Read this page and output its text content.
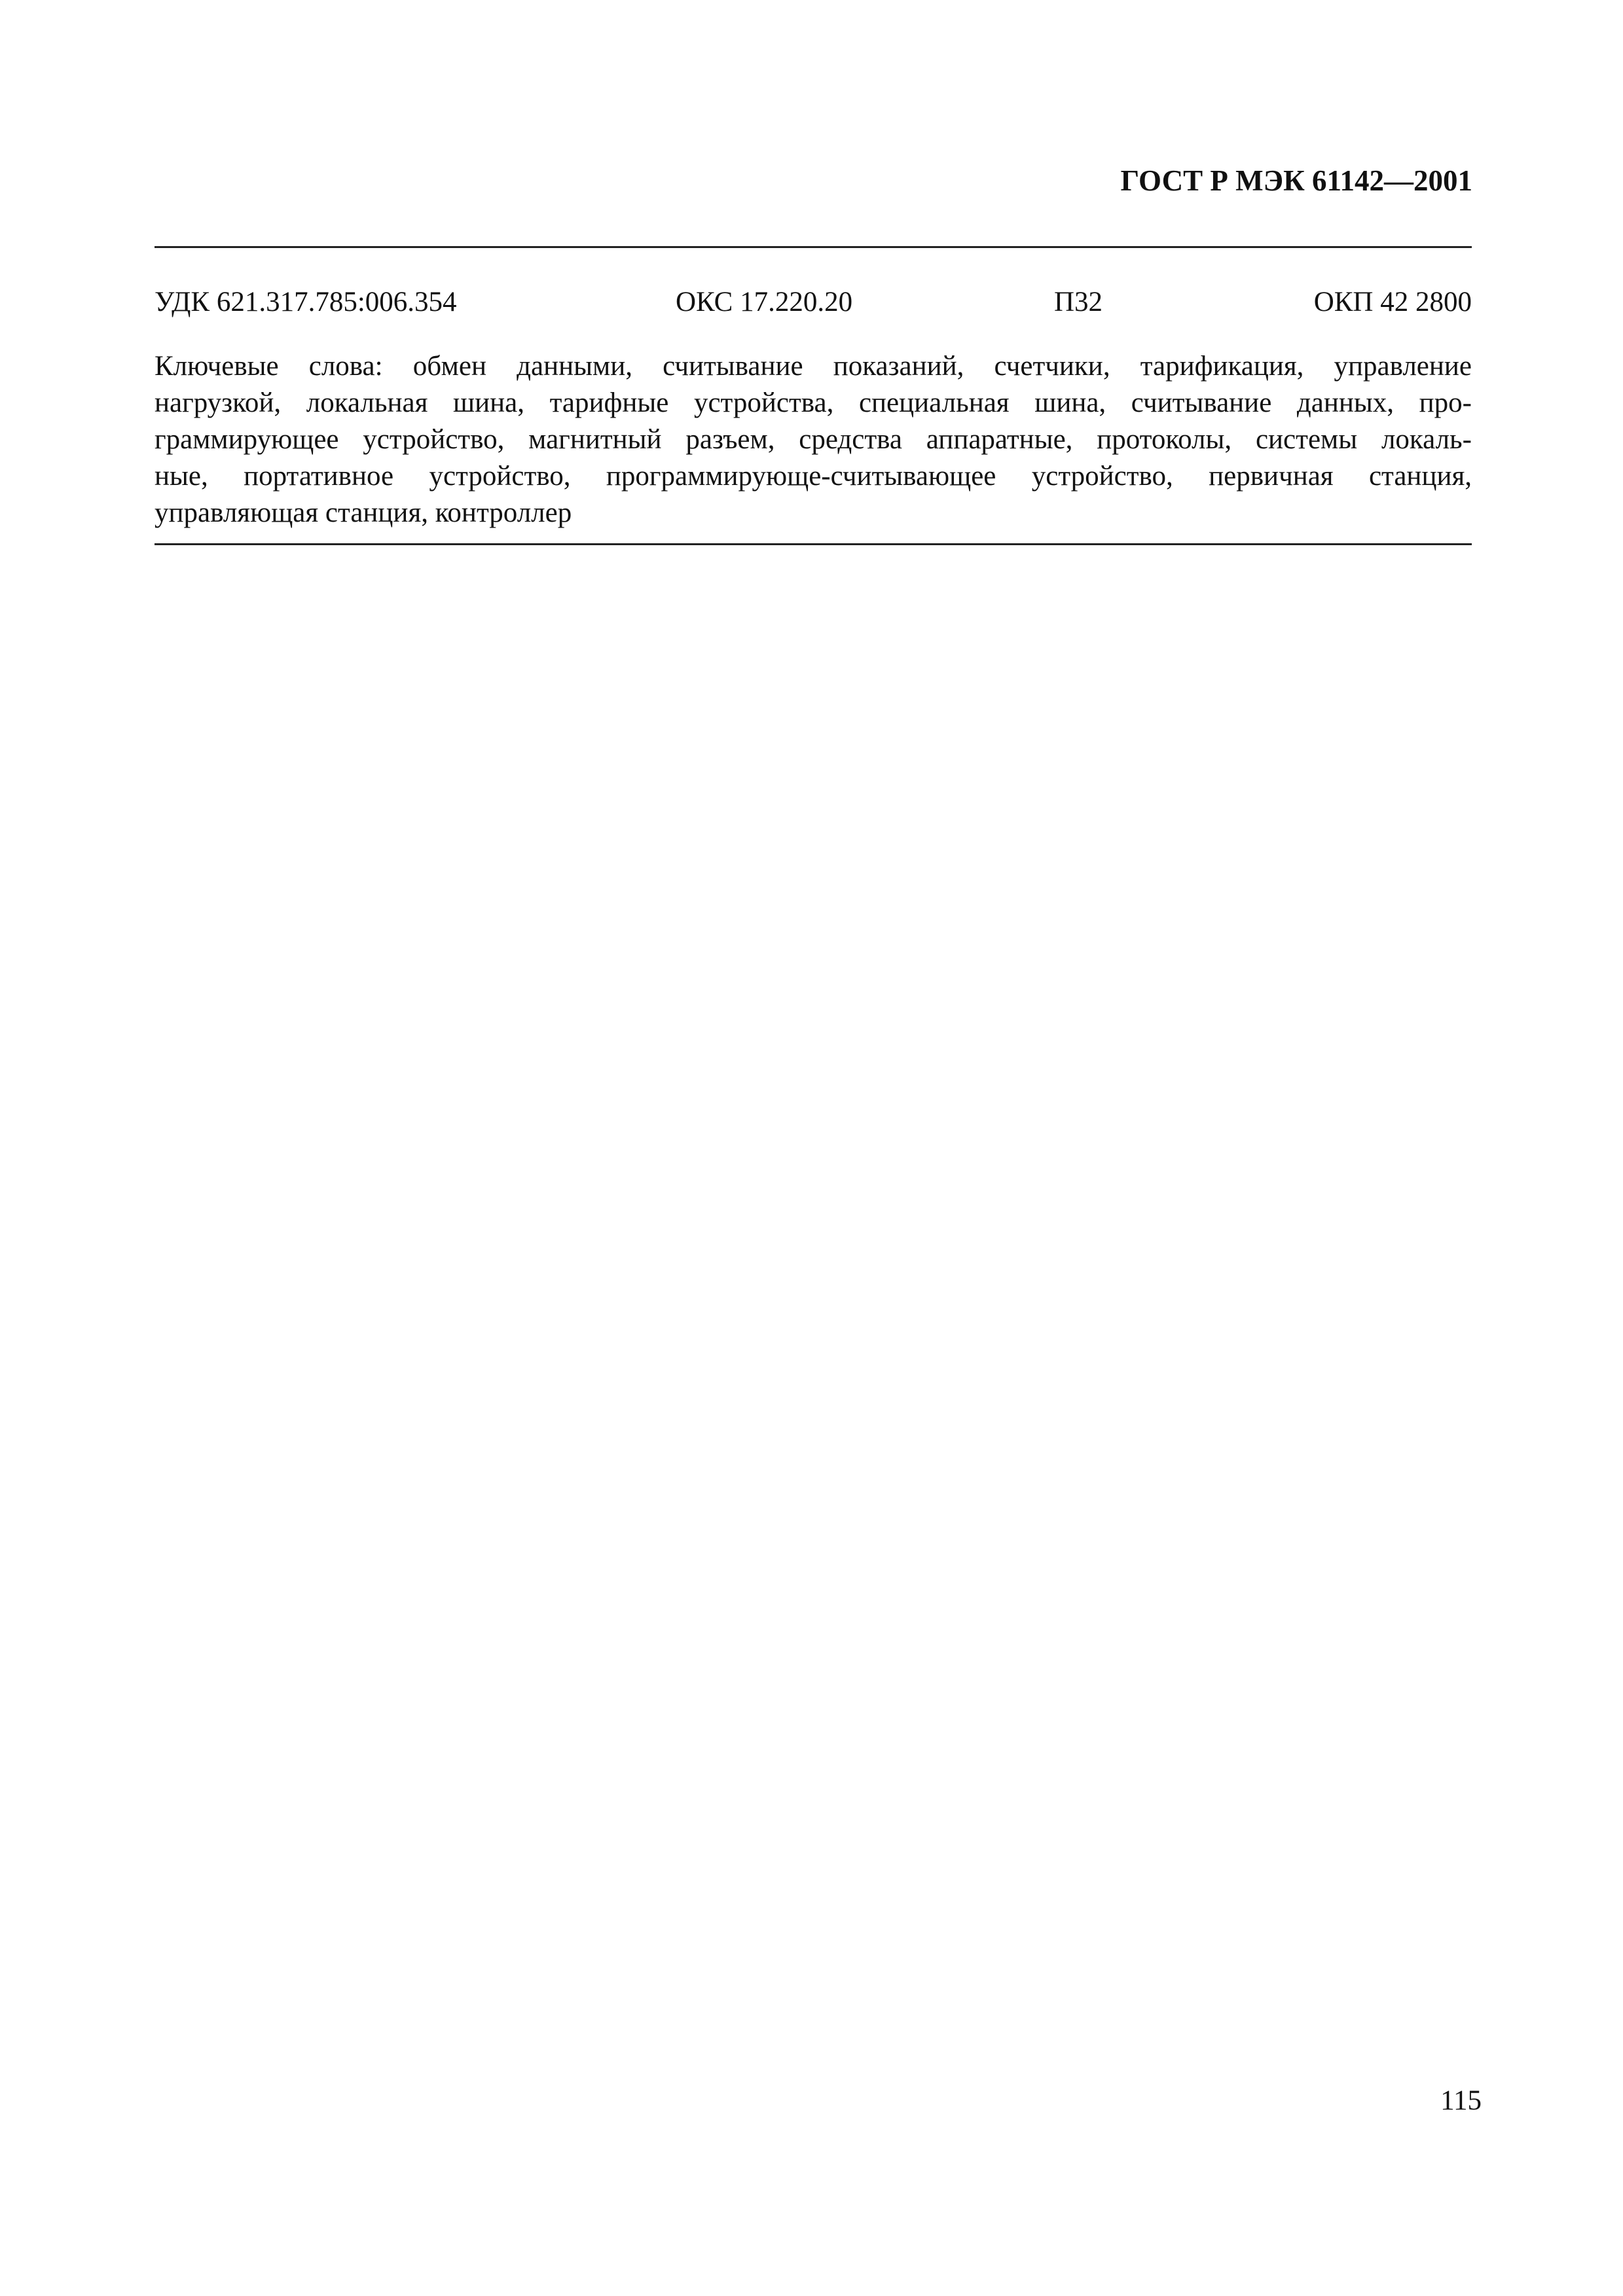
ГОСТ Р МЭК 61142—2001
УДК 621.317.785:006.354	ОКС 17.220.20	П32	ОКП 42 2800
Ключевые слова: обмен данными, считывание показаний, счетчики, тарификация, управление
нагрузкой, локальная шина, тарифные устройства, специальная шина, считывание данных, про-
граммирующее устройство, магнитный разъем, средства аппаратные, протоколы, системы локаль-
ные, портативное устройство, программирующе-считывающее устройство, первичная станция,
управляющая станция, контроллер
115
